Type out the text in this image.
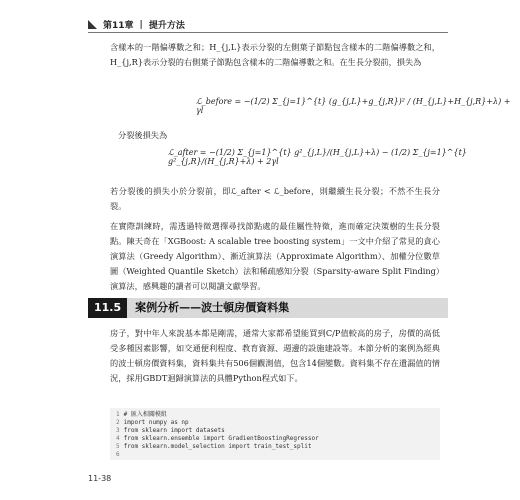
第11章 | 提升方法
含樣本的一階偏導數之和；H_{j,L}表示分裂的左側葉子節點包含樣本的二階偏導數之和，H_{j,R}表示分裂的右側葉子節點包含樣本的二階偏導數之和。在生長分裂前，損失為
ℒ_before = −(1/2) Σ_{j=1}^{t} (g_{j,L}+g_{j,R})² / (H_{j,L}+H_{j,R}+λ) + γl
分裂後損失為
ℒ_after = −(1/2) Σ_{j=1}^{t} g²_{j,L}/(H_{j,L}+λ) − (1/2) Σ_{j=1}^{t} g²_{j,R}/(H_{j,R}+λ) + 2γl
若分裂後的損失小於分裂前，即ℒ_after < ℒ_before，則繼續生長分裂；不然不生長分裂。
在實際訓練時，需透過特徵選擇尋找節點處的最佳屬性特徵，進而確定決策樹的生長分裂點。陳天奇在「XGBoost: A scalable tree boosting system」一文中介紹了常見的貪心演算法（Greedy Algorithm）、漸近演算法（Approximate Algorithm）、加權分位數草圖（Weighted Quantile Sketch）法和稀疏感知分裂（Sparsity-aware Split Finding）演算法，感興趣的讀者可以閱讀文獻學習。
11.5	案例分析——波士頓房價資料集
房子，對中年人來說基本都是剛需，通常大家都希望能買到C/P值較高的房子，房價的高低受多種因素影響，如交通便利程度、教育資源、週邊的設施建設等。本節分析的案例為經典的波士頓房價資料集，資料集共有506個觀測值，包含14個變數。資料集不存在遺漏值的情況，採用GBDT迴歸演算法的具體Python程式如下。
1 # 匯入相關模組
2 import numpy as np
3 from sklearn import datasets
4 from sklearn.ensemble import GradientBoostingRegressor
5 from sklearn.model_selection import train_test_split
6
11-38
